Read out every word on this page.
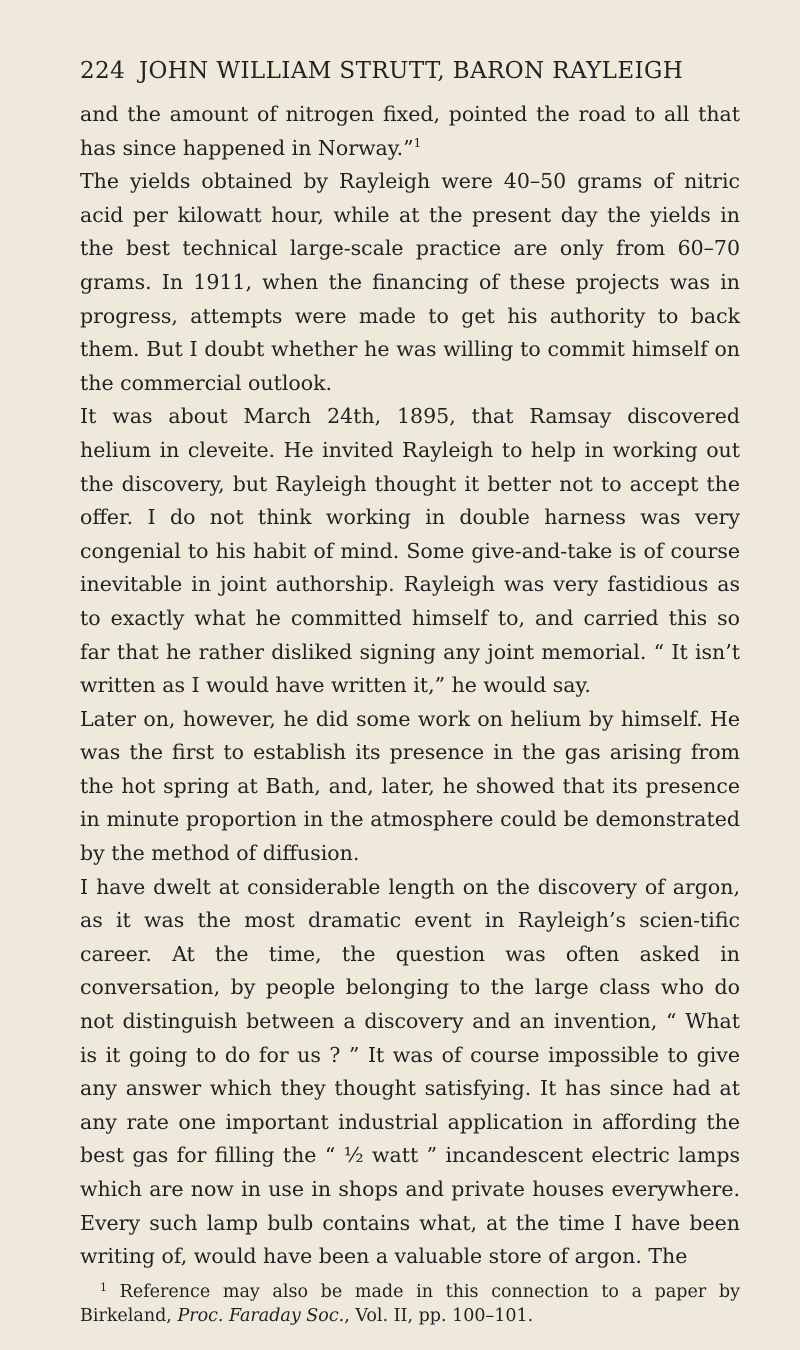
224 JOHN WILLIAM STRUTT, BARON RAYLEIGH

and the amount of nitrogen fixed, pointed the road to all that has since happened in Norway.”$^1$

The yields obtained by Rayleigh were 40–50 grams of nitric acid per kilowatt hour, while at the present day the yields in the best technical large-scale practice are only from 60–70 grams. In 1911, when the financing of these projects was in progress, attempts were made to get his authority to back them. But I doubt whether he was willing to commit himself on the commercial outlook.

It was about March 24th, 1895, that Ramsay discovered helium in cleveite. He invited Rayleigh to help in working out the discovery, but Rayleigh thought it better not to accept the offer. I do not think working in double harness was very congenial to his habit of mind. Some give-and-take is of course inevitable in joint authorship. Rayleigh was very fastidious as to exactly what he committed himself to, and carried this so far that he rather disliked signing any joint memorial. “ It isn’t written as I would have written it,” he would say.

Later on, however, he did some work on helium by himself. He was the first to establish its presence in the gas arising from the hot spring at Bath, and, later, he showed that its presence in minute proportion in the atmosphere could be demonstrated by the method of diffusion.

I have dwelt at considerable length on the discovery of argon, as it was the most dramatic event in Rayleigh’s scien-tific career. At the time, the question was often asked in conversation, by people belonging to the large class who do not distinguish between a discovery and an invention, “ What is it going to do for us ? ” It was of course impossible to give any answer which they thought satisfying. It has since had at any rate one important industrial application in affording the best gas for filling the “ ½ watt ” incandescent electric lamps which are now in use in shops and private houses everywhere. Every such lamp bulb contains what, at the time I have been writing of, would have been a valuable store of argon. The

$^1$ Reference may also be made in this connection to a paper by Birkeland, Proc. Faraday Soc., Vol. II, pp. 100–101.
